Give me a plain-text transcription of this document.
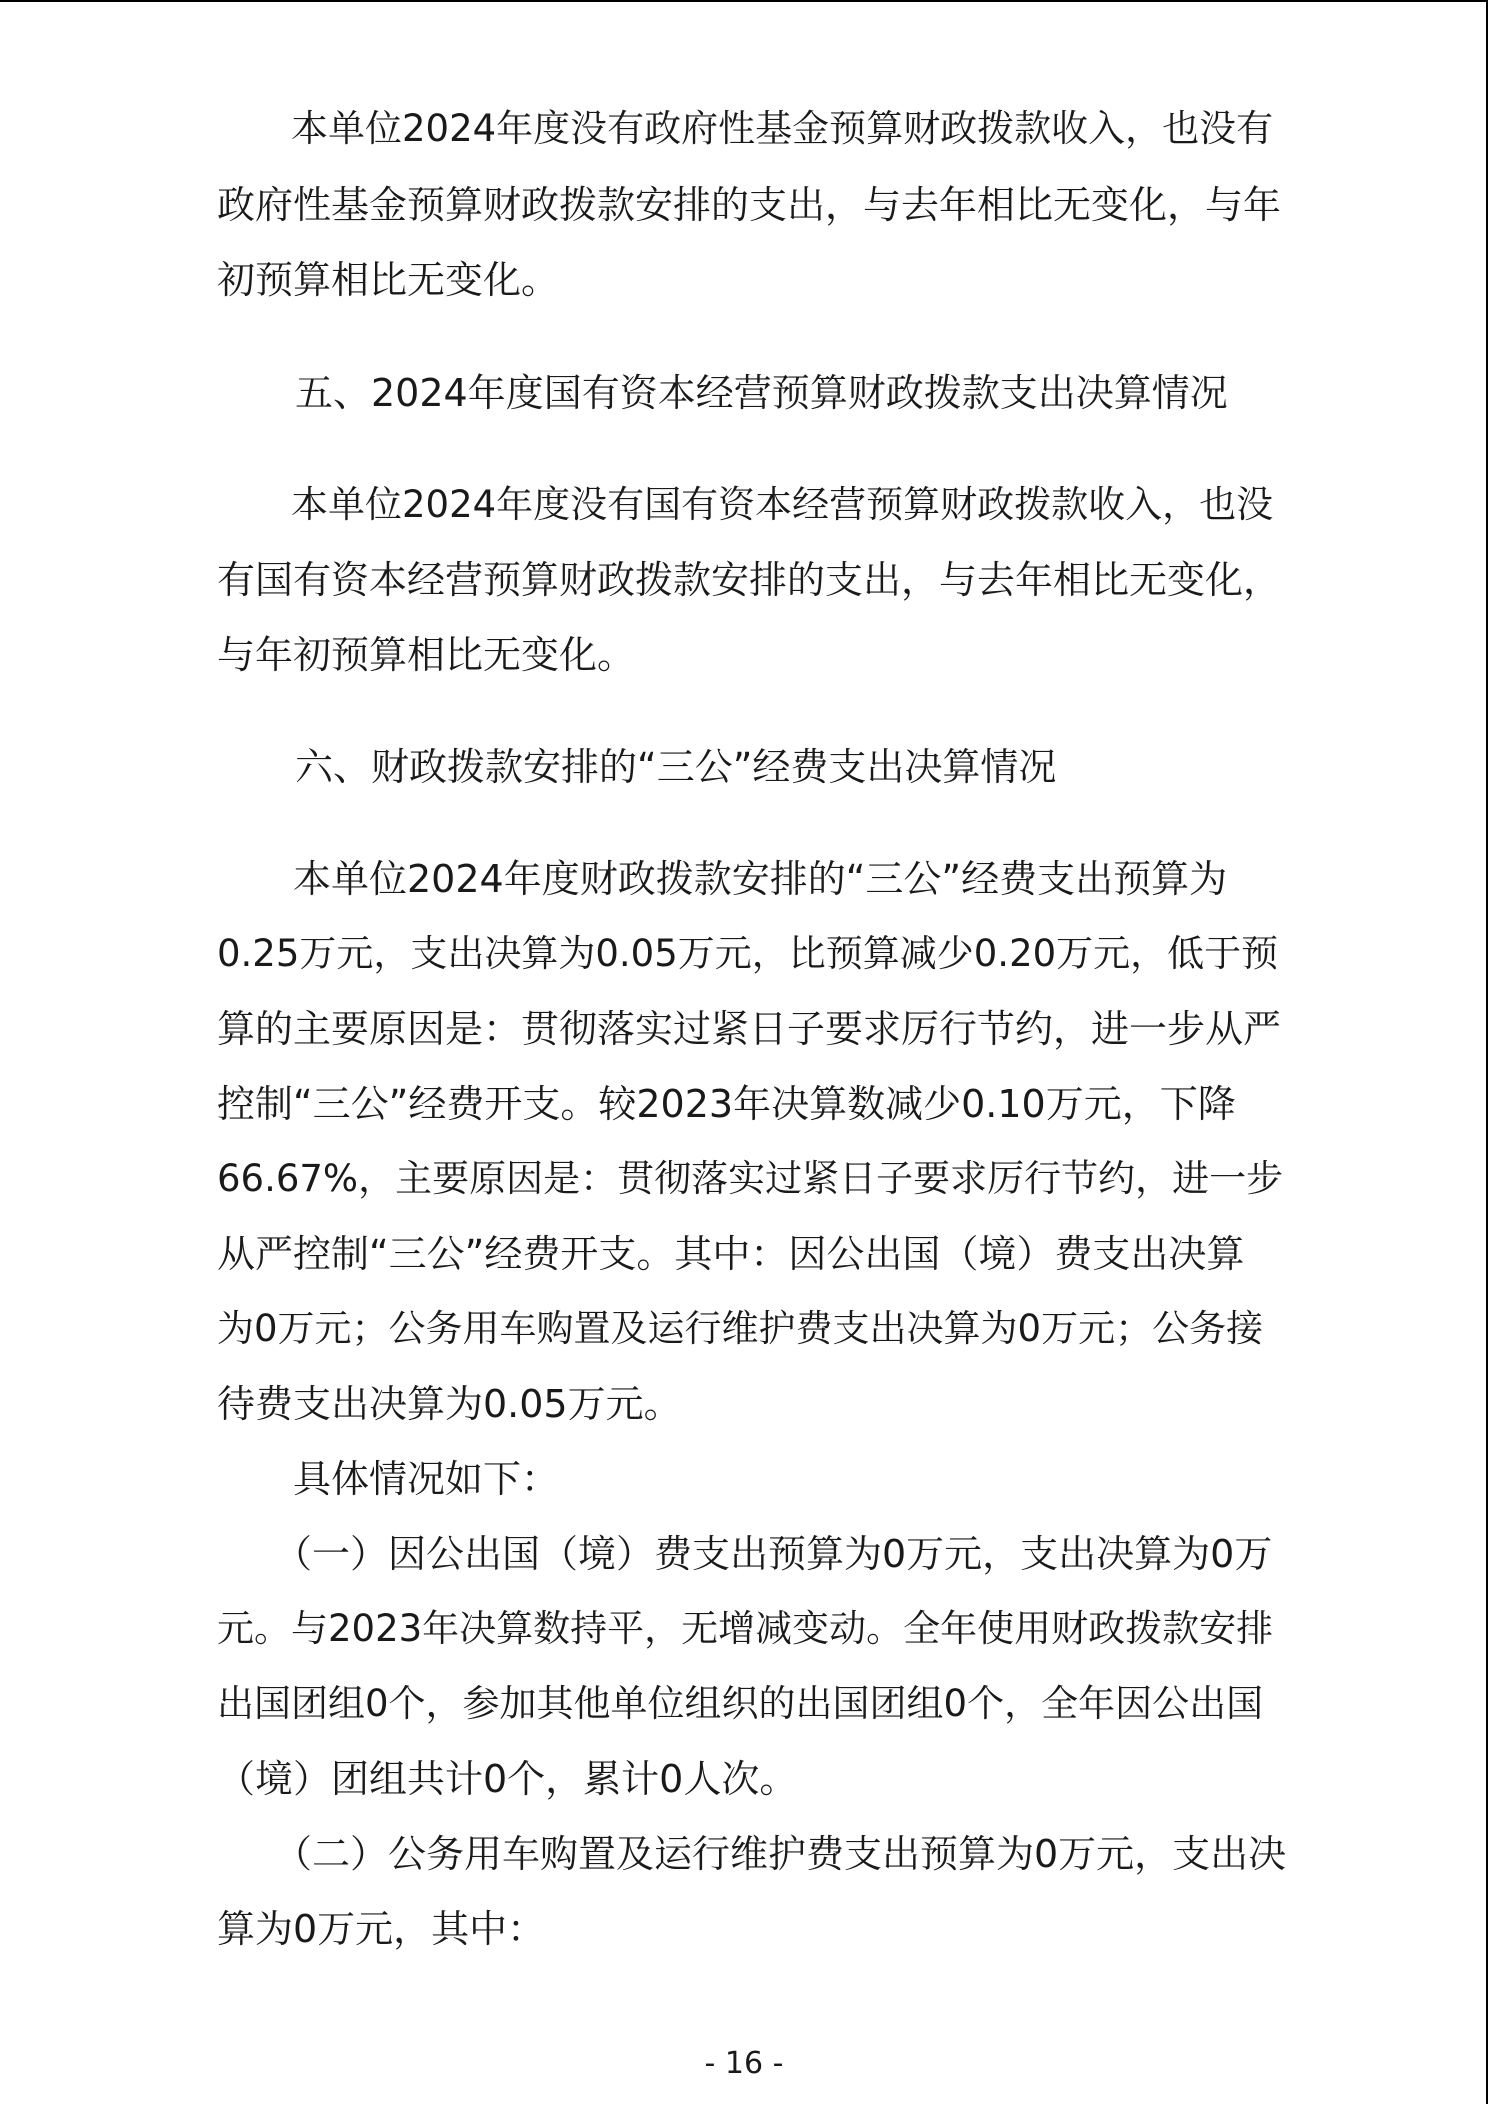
　　本单位2024年度没有政府性基金预算财政拨款收入，也没有
政府性基金预算财政拨款安排的支出，与去年相比无变化，与年
初预算相比无变化。
五、2024年度国有资本经营预算财政拨款支出决算情况
　　本单位2024年度没有国有资本经营预算财政拨款收入，也没
有国有资本经营预算财政拨款安排的支出，与去年相比无变化，
与年初预算相比无变化。
六、财政拨款安排的“三公”经费支出决算情况
　　本单位2024年度财政拨款安排的“三公”经费支出预算为
0.25万元，支出决算为0.05万元，比预算减少0.20万元，低于预
算的主要原因是：贯彻落实过紧日子要求厉行节约，进一步从严
控制“三公”经费开支。较2023年决算数减少0.10万元，下降
66.67%，主要原因是：贯彻落实过紧日子要求厉行节约，进一步
从严控制“三公”经费开支。其中：因公出国（境）费支出决算
为0万元；公务用车购置及运行维护费支出决算为0万元；公务接
待费支出决算为0.05万元。
　　具体情况如下：
　　（一）因公出国（境）费支出预算为0万元，支出决算为0万
元。与2023年决算数持平，无增减变动。全年使用财政拨款安排
出国团组0个，参加其他单位组织的出国团组0个，全年因公出国
（境）团组共计0个，累计0人次。
　　（二）公务用车购置及运行维护费支出预算为0万元，支出决
算为0万元，其中：
- 16 -
